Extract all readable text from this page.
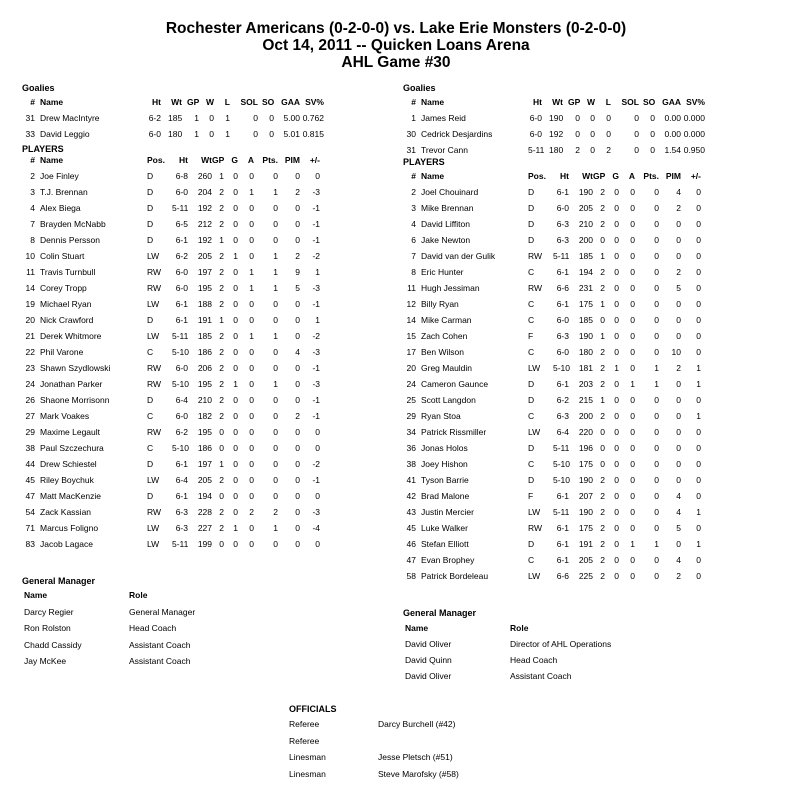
Rochester Americans (0-2-0-0) vs. Lake Erie Monsters (0-2-0-0)
Oct 14, 2011 -- Quicken Loans Arena
AHL Game #30
Goalies
# Name	Ht	Wt GP W	L	SOL SO GAA SV%
31 Drew MacIntyre	6-2 185	1	0	1	0	0	5.00 0.762
33 David Leggio	6-0 180	1	0	1	0	0	5.01 0.815
PLAYERS
# Name	Pos.	Ht	Wt GP G	A Pts. PIM	+/-
2 Joe Finley	D	6-8	260 1	0	0	0	0	0
3 T.J. Brennan	D	6-0	204 2	0	1	1	2	-3
4 Alex Biega	D 5-11	192 2	0	0	0	0	-1
7 Brayden McNabb	D	6-5	212 2	0	0	0	0	-1
8 Dennis Persson	D	6-1	192 1	0	0	0	0	-1
10 Colin Stuart	LW	6-2	205 2	1	0	1	2	-2
11 Travis Turnbull	RW	6-0	197 2	0	1	1	9	1
14 Corey Tropp	RW	6-0	195 2	0	1	1	5	-3
19 Michael Ryan	LW	6-1	188 2	0	0	0	0	-1
20 Nick Crawford	D	6-1	191 1	0	0	0	0	1
21 Derek Whitmore	LW 5-11	185 2	0	1	1	0	-2
22 Phil Varone	C 5-10	186 2	0	0	0	4	-3
23 Shawn Szydlowski	RW	6-0	206 2	0	0	0	0	-1
24 Jonathan Parker	RW 5-10	195 2	1	0	1	0	-3
26 Shaone Morrisonn	D	6-4	210 2	0	0	0	0	-1
27 Mark Voakes	C	6-0	182 2	0	0	0	2	-1
29 Maxime Legault	RW	6-2	195 0	0	0	0	0	0
38 Paul Szczechura	C 5-10	186 0	0	0	0	0	0
44 Drew Schiestel	D	6-1	197 1	0	0	0	0	-2
45 Riley Boychuk	LW	6-4	205 2	0	0	0	0	-1
47 Matt MacKenzie	D	6-1	194 0	0	0	0	0	0
54 Zack Kassian	RW	6-3	228 2	0	2	2	0	-3
71 Marcus Foligno	LW	6-3	227 2	1	0	1	0	-4
83 Jacob Lagace	LW 5-11	199 0	0	0	0	0	0
General Manager
Name	Role
Darcy Regier	General Manager
Ron Rolston	Head Coach
Chadd Cassidy	Assistant Coach
Jay McKee	Assistant Coach
Goalies
# Name	Ht	Wt GP W	L	SOL SO GAA SV%
1 James Reid	6-0 190	0	0	0	0	0	0.00 0.000
30 Cedrick Desjardins	6-0 192	0	0	0	0	0	0.00 0.000
31 Trevor Cann	5-11 180	2	0	2	0	0	1.54 0.950
PLAYERS
# Name	Pos.	Ht	Wt GP G	A Pts. PIM	+/-
2 Joel Chouinard	D	6-1	190 2	0	0	0	4	0
3 Mike Brennan	D	6-0	205 2	0	0	0	2	0
4 David Liffiton	D	6-3	210 2	0	0	0	0	0
6 Jake Newton	D	6-3	200 0	0	0	0	0	0
7 David van der Gulik	RW 5-11	185 1	0	0	0	0	0
8 Eric Hunter	C	6-1	194 2	0	0	0	2	0
11 Hugh Jessiman	RW	6-6	231 2	0	0	0	5	0
12 Billy Ryan	C	6-1	175 1	0	0	0	0	0
14 Mike Carman	C	6-0	185 0	0	0	0	0	0
15 Zach Cohen	F	6-3	190 1	0	0	0	0	0
17 Ben Wilson	C	6-0	180 2	0	0	0	10	0
20 Greg Mauldin	LW 5-10	181 2	1	0	1	2	1
24 Cameron Gaunce	D	6-1	203 2	0	1	1	0	1
25 Scott Langdon	D	6-2	215 1	0	0	0	0	0
29 Ryan Stoa	C	6-3	200 2	0	0	0	0	1
34 Patrick Rissmiller	LW	6-4	220 0	0	0	0	0	0
36 Jonas Holos	D 5-11	196 0	0	0	0	0	0
38 Joey Hishon	C 5-10	175 0	0	0	0	0	0
41 Tyson Barrie	D 5-10	190 2	0	0	0	0	0
42 Brad Malone	F	6-1	207 2	0	0	0	4	0
43 Justin Mercier	LW 5-11	190 2	0	0	0	4	1
45 Luke Walker	RW	6-1	175 2	0	0	0	5	0
46 Stefan Elliott	D	6-1	191 2	0	1	1	0	1
47 Evan Brophey	C	6-1	205 2	0	0	0	4	0
58 Patrick Bordeleau	LW	6-6	225 2	0	0	0	2	0
General Manager
Name	Role
David Oliver	Director of AHL Operations
David Quinn	Head Coach
David Oliver	Assistant Coach
OFFICIALS
Referee	Darcy Burchell (#42)
Referee
Linesman	Jesse Pletsch (#51)
Linesman	Steve Marofsky (#58)
